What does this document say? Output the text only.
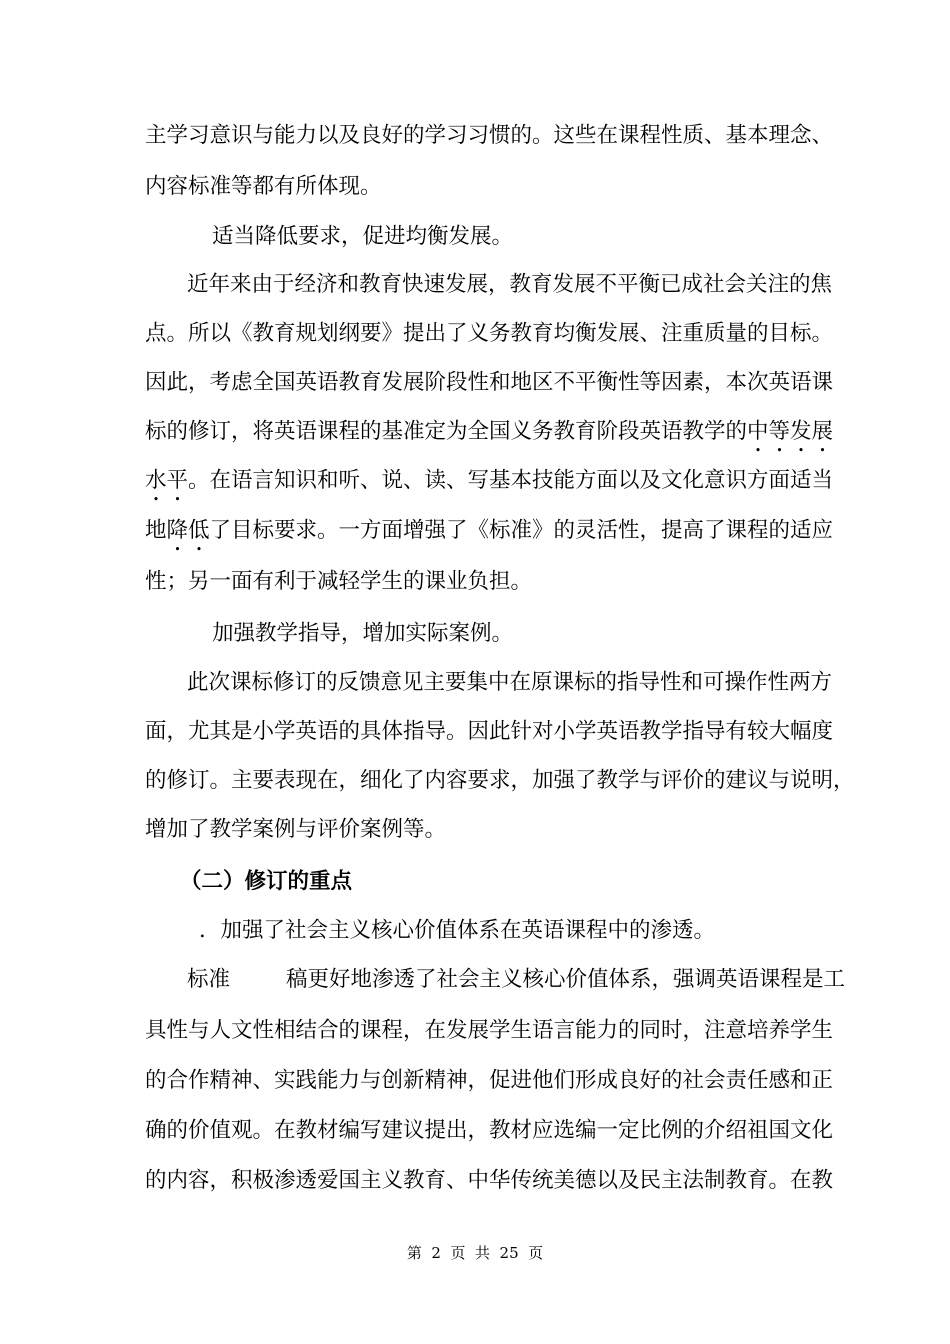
主学习意识与能力以及良好的学习习惯的。这些在课程性质、基本理念、
内容标准等都有所体现。
适当降低要求，促进均衡发展。
近年来由于经济和教育快速发展，教育发展不平衡已成社会关注的焦
点。所以《教育规划纲要》提出了义务教育均衡发展、注重质量的目标。
因此，考虑全国英语教育发展阶段性和地区不平衡性等因素，本次英语课
标的修订，将英语课程的基准定为全国义务教育阶段英语教学的中等发展
水平。在语言知识和听、说、读、写基本技能方面以及文化意识方面适当
地降低了目标要求。一方面增强了《标准》的灵活性，提高了课程的适应
性；另一面有利于减轻学生的课业负担。
加强教学指导，增加实际案例。
此次课标修订的反馈意见主要集中在原课标的指导性和可操作性两方
面，尤其是小学英语的具体指导。因此针对小学英语教学指导有较大幅度
的修订。主要表现在，细化了内容要求，加强了教学与评价的建议与说明，
增加了教学案例与评价案例等。
（二）修订的重点
．加强了社会主义核心价值体系在英语课程中的渗透。
标准	稿更好地渗透了社会主义核心价值体系，强调英语课程是工
具性与人文性相结合的课程，在发展学生语言能力的同时，注意培养学生
的合作精神、实践能力与创新精神，促进他们形成良好的社会责任感和正
确的价值观。在教材编写建议提出，教材应选编一定比例的介绍祖国文化
的内容，积极渗透爱国主义教育、中华传统美德以及民主法制教育。在教
第  2  页  共  25  页
